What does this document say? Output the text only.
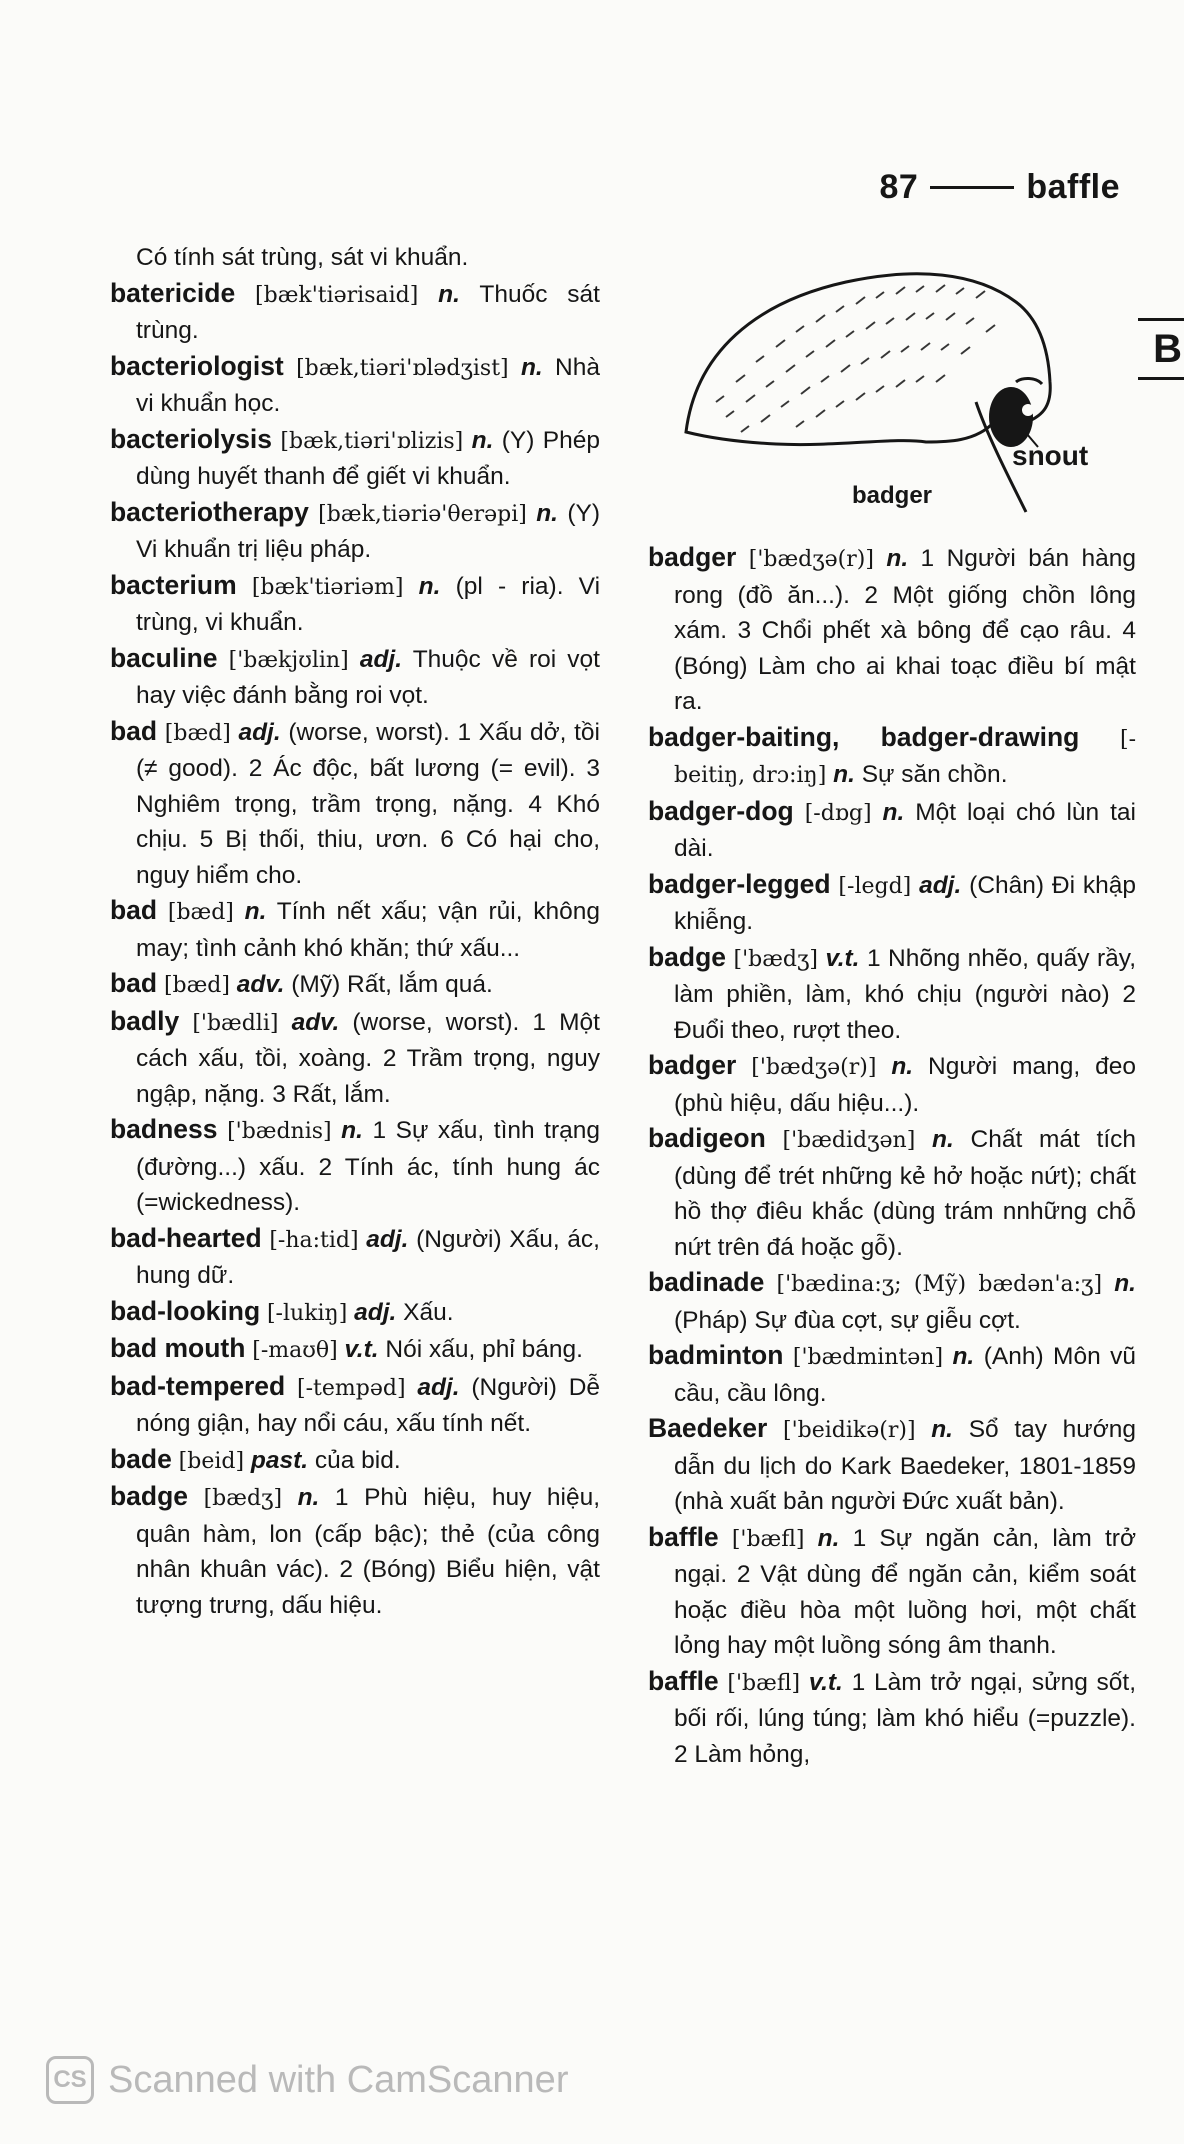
87	baffle
B
snout
badger

Có tính sát trùng, sát vi khuẩn.

batericide [bæk'tiərisaid] n. Thuốc sát trùng.

bacteriologist [bæk,tiəri'ɒlədʒist] n. Nhà vi khuẩn học.

bacteriolysis [bæk,tiəri'ɒlizis] n. (Y) Phép dùng huyết thanh để giết vi khuẩn.

bacteriotherapy [bæk,tiəriə'θerəpi] n. (Y) Vi khuẩn trị liệu pháp.

bacterium [bæk'tiəriəm] n. (pl - ria). Vi trùng, vi khuẩn.

baculine ['bækjʊlin] adj. Thuộc về roi vọt hay việc đánh bằng roi vọt.

bad [bæd] adj. (worse, worst). 1 Xấu dở, tồi (≠ good). 2 Ác độc, bất lương (= evil). 3 Nghiêm trọng, trầm trọng, nặng. 4 Khó chịu. 5 Bị thối, thiu, ươn. 6 Có hại cho, nguy hiểm cho.

bad [bæd] n. Tính nết xấu; vận rủi, không may; tình cảnh khó khăn; thứ xấu...

bad [bæd] adv. (Mỹ) Rất, lắm quá.

badly ['bædli] adv. (worse, worst). 1 Một cách xấu, tồi, xoàng. 2 Trầm trọng, nguy ngập, nặng. 3 Rất, lắm.

badness ['bædnis] n. 1 Sự xấu, tình trạng (đường...) xấu. 2 Tính ác, tính hung ác (=wickedness).

bad-hearted [-ha:tid] adj. (Người) Xấu, ác, hung dữ.

bad-looking [-lukiŋ] adj. Xấu.

bad mouth [-maʊθ] v.t. Nói xấu, phỉ báng.

bad-tempered [-tempəd] adj. (Người) Dễ nóng giận, hay nổi cáu, xấu tính nết.

bade [beid] past. của bid.

badge [bædʒ] n. 1 Phù hiệu, huy hiệu, quân hàm, lon (cấp bậc); thẻ (của công nhân khuân vác). 2 (Bóng) Biểu hiện, vật tượng trưng, dấu hiệu.

badger ['bædʒə(r)] n. 1 Người bán hàng rong (đồ ăn...). 2 Một giống chồn lông xám. 3 Chổi phết xà bông để cạo râu. 4 (Bóng) Làm cho ai khai toạc điều bí mật ra.

badger-baiting, badger-drawing [-beitiŋ, drɔ:iŋ] n. Sự săn chồn.

badger-dog [-dɒg] n. Một loại chó lùn tai dài.

badger-legged [-legd] adj. (Chân) Đi khập khiễng.

badge ['bædʒ] v.t. 1 Nhõng nhẽo, quấy rầy, làm phiền, làm, khó chịu (người nào) 2 Đuổi theo, rượt theo.

badger ['bædʒə(r)] n. Người mang, đeo (phù hiệu, dấu hiệu...).

badigeon ['bædidʒən] n. Chất mát tích (dùng để trét những kẻ hở hoặc nứt); chất hồ thợ điêu khắc (dùng trám nnhững chỗ nứt trên đá hoặc gỗ).

badinade ['bædina:ʒ; (Mỹ) bædən'a:ʒ] n. (Pháp) Sự đùa cợt, sự giễu cợt.

badminton ['bædmintən] n. (Anh) Môn vũ cầu, cầu lông.

Baedeker ['beidikə(r)] n. Sổ tay hướng dẫn du lịch do Kark Baedeker, 1801-1859 (nhà xuất bản người Đức xuất bản).

baffle ['bæfl] n. 1 Sự ngăn cản, làm trở ngại. 2 Vật dùng để ngăn cản, kiểm soát hoặc điều hòa một luồng hơi, một chất lỏng hay một luồng sóng âm thanh.

baffle ['bæfl] v.t. 1 Làm trở ngại, sửng sốt, bối rối, lúng túng; làm khó hiểu (=puzzle). 2 Làm hỏng,

CS Scanned with CamScanner
